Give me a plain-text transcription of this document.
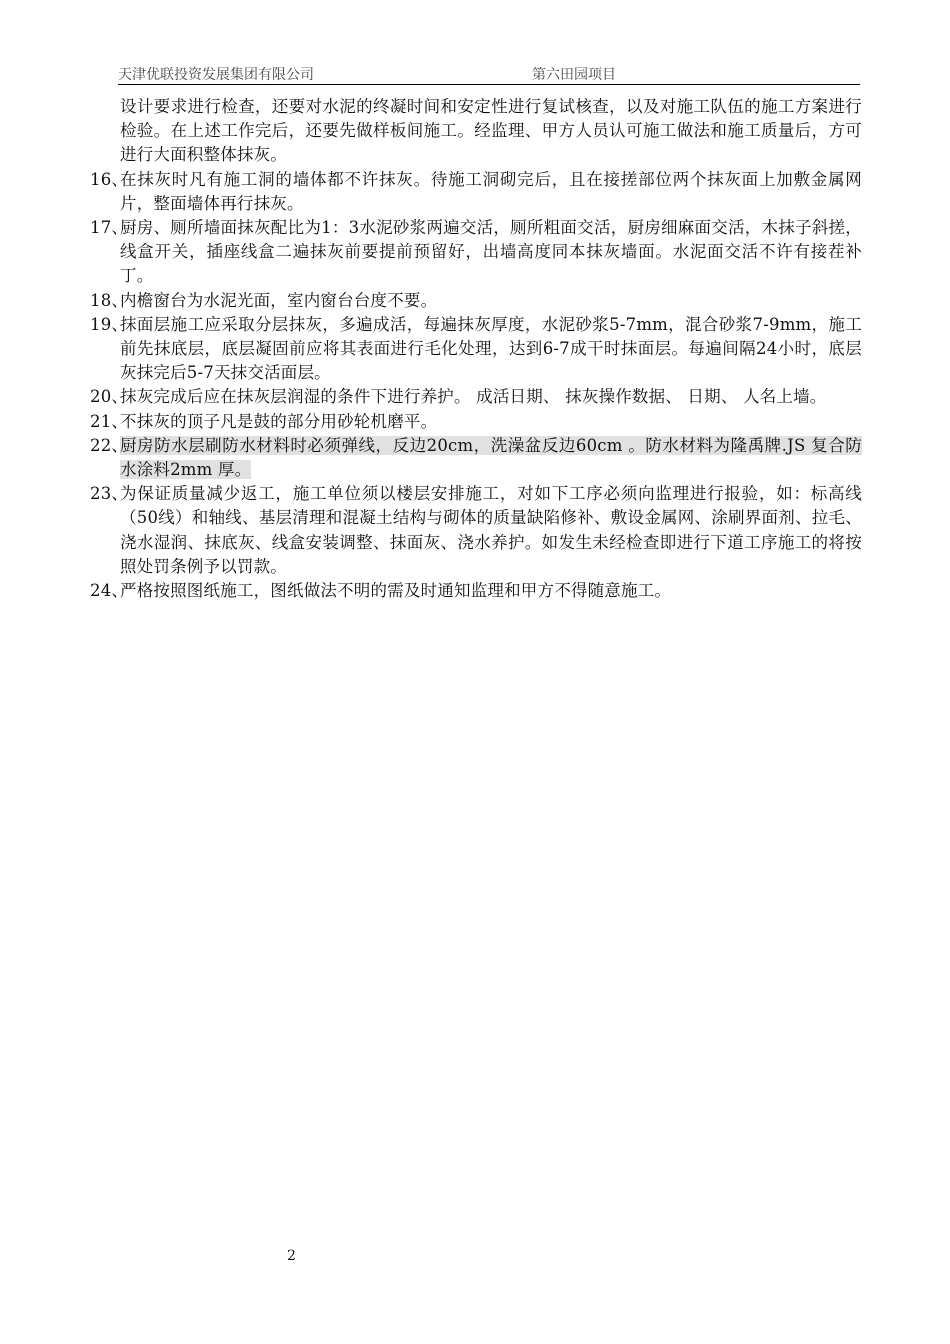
天津优联投资发展集团有限公司	第六田园项目

设计要求进行检查，还要对水泥的终凝时间和安定性进行复试核查，以及对施工队伍的施工方案进行检验。在上述工作完后，还要先做样板间施工。经监理、甲方人员认可施工做法和施工质量后，方可进行大面积整体抹灰。

16、
在抹灰时凡有施工洞的墙体都不许抹灰。待施工洞砌完后，且在接搓部位两个抹灰面上加敷金属网片，整面墙体再行抹灰。

17、
厨房、厕所墙面抹灰配比为1：3水泥砂浆两遍交活，厕所粗面交活，厨房细麻面交活，木抹子斜搓，线盒开关，插座线盒二遍抹灰前要提前预留好，出墙高度同本抹灰墙面。水泥面交活不许有接茬补丁。

18、
内檐窗台为水泥光面，室内窗台台度不要。

19、
抹面层施工应采取分层抹灰，多遍成活，每遍抹灰厚度，水泥砂浆5-7mm，混合砂浆7-9mm，施工前先抹底层，底层凝固前应将其表面进行毛化处理，达到6-7成干时抹面层。每遍间隔24小时，底层灰抹完后5-7天抹交活面层。

20、
抹灰完成后应在抹灰层润湿的条件下进行养护。 成活日期、 抹灰操作数据、 日期、 人名上墙。

21、
不抹灰的顶子凡是鼓的部分用砂轮机磨平。

22、
厨房防水层刷防水材料时必须弹线，反边20cm，洗澡盆反边60cm 。防水材料为隆禹牌.JS 复合防水涂料2mm 厚。

23、
为保证质量减少返工，施工单位须以楼层安排施工，对如下工序必须向监理进行报验，如：标高线（50线）和轴线、基层清理和混凝土结构与砌体的质量缺陷修补、敷设金属网、涂刷界面剂、拉毛、浇水湿润、抹底灰、线盒安装调整、抹面灰、浇水养护。如发生未经检查即进行下道工序施工的将按照处罚条例予以罚款。

24、
严格按照图纸施工，图纸做法不明的需及时通知监理和甲方不得随意施工。

2
